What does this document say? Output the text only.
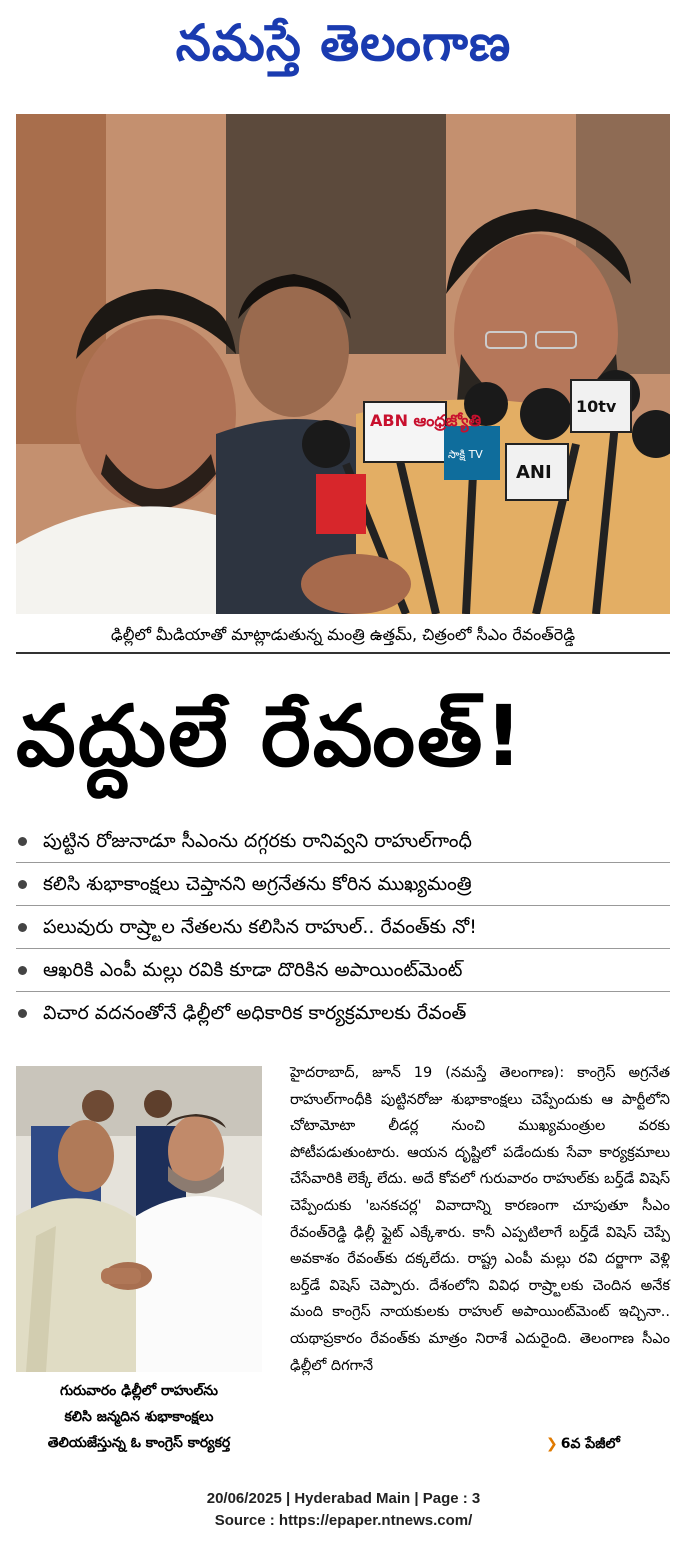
నమస్తే తెలంగాణ
ABN ఆంధ్రజ్యోతి
సాక్షి TV
10tv
ANI
ఢిల్లీలో మీడియాతో మాట్లాడుతున్న మంత్రి ఉత్తమ్, చిత్రంలో సీఎం రేవంత్‌రెడ్డి
వద్దులే రేవంత్!
పుట్టిన రోజునాడూ సీఎంను దగ్గరకు రానివ్వని రాహుల్‌గాంధీ
కలిసి శుభాకాంక్షలు చెప్తానని అగ్రనేతను కోరిన ముఖ్యమంత్రి
పలువురు రాష్ర్టాల నేతలను కలిసిన రాహుల్.. రేవంత్‌కు నో!
ఆఖరికి ఎంపీ మల్లు రవికి కూడా దొరికిన అపాయింట్‌మెంట్
విచార వదనంతోనే ఢిల్లీలో అధికారిక కార్యక్రమాలకు రేవంత్
గురువారం ఢిల్లీలో రాహుల్‌ను
కలిసి జన్మదిన శుభాకాంక్షలు
తెలియజేస్తున్న ఓ కాంగ్రెస్ కార్యకర్త

హైదరాబాద్, జూన్ 19 (నమస్తే తెలంగాణ): కాంగ్రెస్ అగ్రనేత రాహుల్‌గాంధీకి పుట్టినరోజు శుభాకాంక్షలు చెప్పేందుకు ఆ పార్టీలోని చోటామోటా లీడర్ల నుంచి ముఖ్యమంత్రుల వరకు పోటీపడుతుంటారు. ఆయన దృష్టిలో పడేందుకు సేవా కార్యక్రమాలు చేసేవారికి లెక్కే లేదు. అదే కోవలో గురువారం రాహుల్‌కు బర్త్‌డే విషెస్ చెప్పేందుకు 'బనకచర్ల' వివాదాన్ని కారణంగా చూపుతూ సీఎం రేవంత్‌రెడ్డి ఢిల్లీ ఫ్లైట్ ఎక్కేశారు. కానీ ఎప్పటిలాగే బర్త్‌డే విషెస్ చెప్పే అవకాశం రేవంత్‌కు దక్కలేదు. రాష్ట్ర ఎంపీ మల్లు రవి దర్జాగా వెళ్లి బర్త్‌డే విషెస్ చెప్పారు. దేశంలోని వివిధ రాష్ర్టాలకు చెందిన అనేక మంది కాంగ్రెస్ నాయకులకు రాహుల్ అపాయింట్‌మెంట్ ఇచ్చినా.. యథాప్రకారం రేవంత్‌కు మాత్రం నిరాశే ఎదురైంది. తెలంగాణ సీఎం ఢిల్లీలో దిగగానే

❯ 6వ పేజీలో
20/06/2025 | Hyderabad Main | Page : 3
Source : https://epaper.ntnews.com/
